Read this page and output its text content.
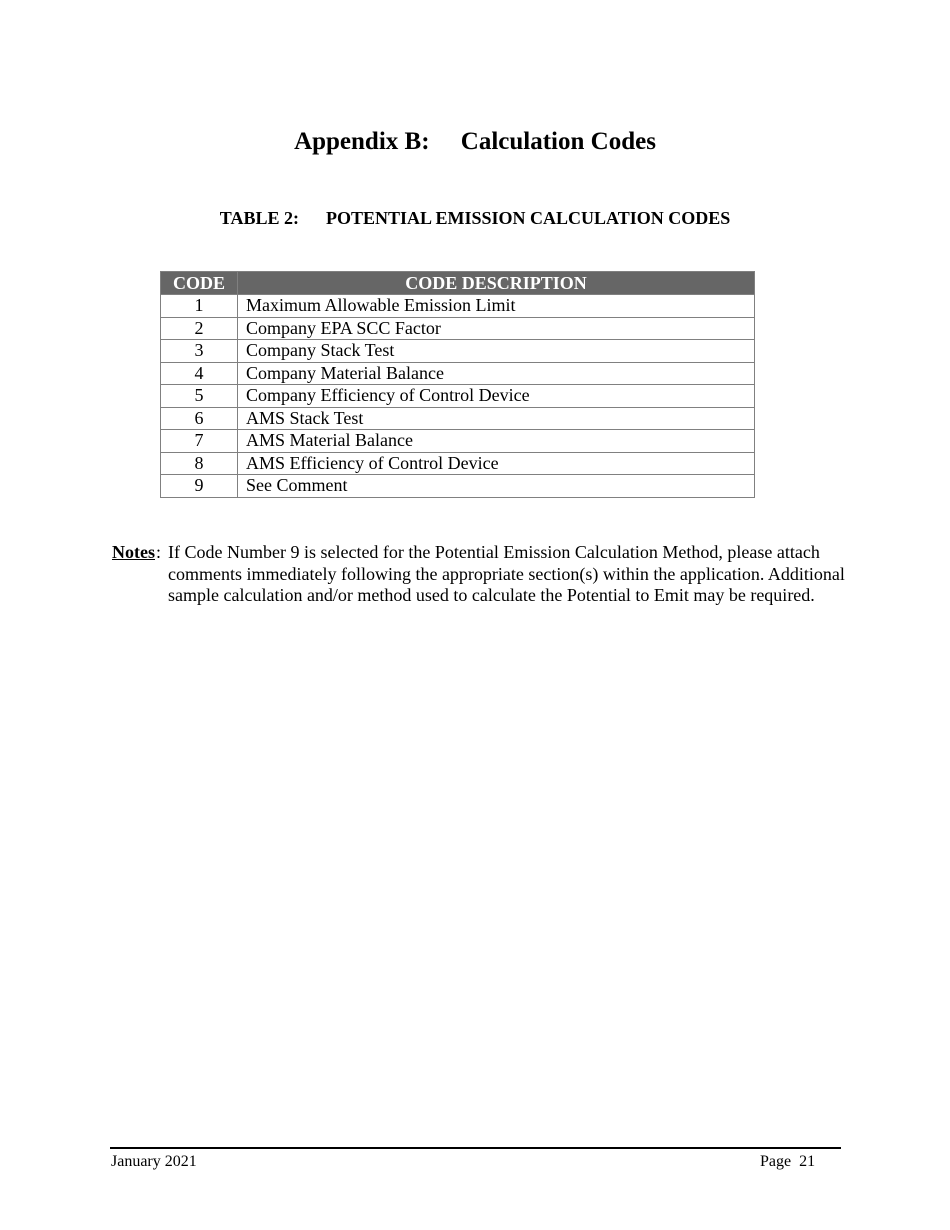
Appendix B:     Calculation Codes
TABLE 2:      POTENTIAL EMISSION CALCULATION CODES
CODE	CODE DESCRIPTION
1	Maximum Allowable Emission Limit
2	Company EPA SCC Factor
3	Company Stack Test
4	Company Material Balance
5	Company Efficiency of Control Device
6	AMS Stack Test
7	AMS Material Balance
8	AMS Efficiency of Control Device
9	See Comment
Notes : If Code Number 9 is selected for the Potential Emission Calculation Method, please attach comments immediately following the appropriate section(s) within the application. Additional sample calculation and/or method used to calculate the Potential to Emit may be required.
January 2021	Page  21
